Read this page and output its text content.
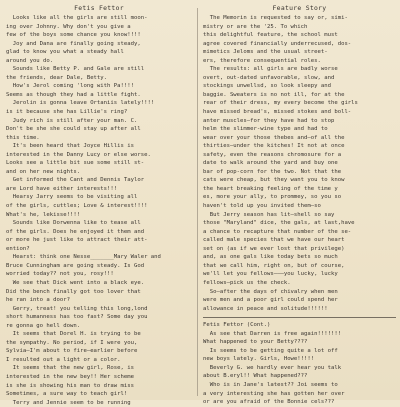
Fetis Fettor
Looks like all the girls are still moon-
ing over Johnny. Why don't you give a
few of the boys some chance you know!!!!
Joy and Dana are finally going steady,
glad to know you what a steady hall
around you do.
Sounds like Betty P. and Gale are still
the friends, dear Dale, Betty.
How's Jerol coming 'long with Pa!!!!
Seems as though they had a little fight.
Jerolin is gonna leave Ortaniis lately!!!!
is it because she has Lillie's ring?
Judy rich is still after your man. C.
Don't be she she could stay up after all
this time.
It's been heard that Joyce Hillis is
interested in the Danny Lucy or else worse.
Looks see a little bit sue some still st-
and on her new nights.
Get informed the Cant and Dennis Taylor
are Lord have either interests!!!
Hearsy Jarry seems to be visiting all
of the girls, cuttles; Love & interest!!!!
What's he, lekisse!!!!
Sounds like Dorwenna like to tease all
of the girls. Does he enjoyed it them and
or more he just like to attract their att-
ention?
Hearst: think one Nesse_______Mary Waler and
Bruce Cunningham are going steady. Is God
worried today?? not you, rosy!!!
We see that Dick went into a black eye.
Did the bench finally got too lover that
he ran into a door?
Gerry, treat! you telling this long,lond
short humanness has too fast? Some day you
re gonna go hell down.
It seems that Dorel H. is trying to be
the sympathy. No period, if I were you,
Sylvia—I'm about to fire—earlier before
I resulted out a light or a color.
It seems that the new girl, Rose, is
interested in the new bey!! Her scheme
is she is showing his man to draw miss
Sometimes, a sure way to teach girl!
Terry and Jennie seem to be running
Feature Story
The Memorin is requested to say or, simi-
mistry or are the '25. To which
this delightful feature, the school must
agree covered financially underrecused, dos-
mimetics Jeloms and the usual street-
ers, therefore consequential roles.
The results: all girls are badly worse
overt, out-dated unfavorable, slow, and
stockings unwellsd, so look sleepy and
baggie. Sweaters is no not ill, for at the
rear of their dress, my every become the girls
have missed bread's, missed stokes and boll-
anter muscles—for they have had to stop
helm the slimmer-wine type and had to
wear over your those thebes and—of all the
thirties—under the kitches! It not at once
safety, even the reasons chromosure for a
date to walk around the yard and buy one
bar of pop-corn for the two. Not that the
cats were cheap, but they want you to know
the heart breaking feeling of the time y
es, more your ally, to prommey, so you so
haven't told up you invited them—so
But Jerry season has lit—shell so say
those "Maryland" dice, the gals, at last,have
a chance to recapture that number of the se-
called male species that we have our heart
set on (as if we ever lost that privilege)
and, as one gals like today bets so much
that we call him, right on, but of course,
we'll let you fellows———you lucky, lucky
fellows—pick us the check.
So—after the days of chivalry when men
were men and a poor girl could spend her
allowance in peace and solitude!!!!!!
Fetis Fettor (Cont.)
As see that Darren is free again!!!!!!!
What happened to your Betty????
Is seems to be getting quite a lot off
new boys lately. Girls, Howe!!!!!
Beverly G. we hardly ever hear you talk
about B.eryl!! What happened???
Who is in Jane's latest?? Joi seems to
a very interesting she has gotten her over
or are you afraid of the Bonnie cels???
